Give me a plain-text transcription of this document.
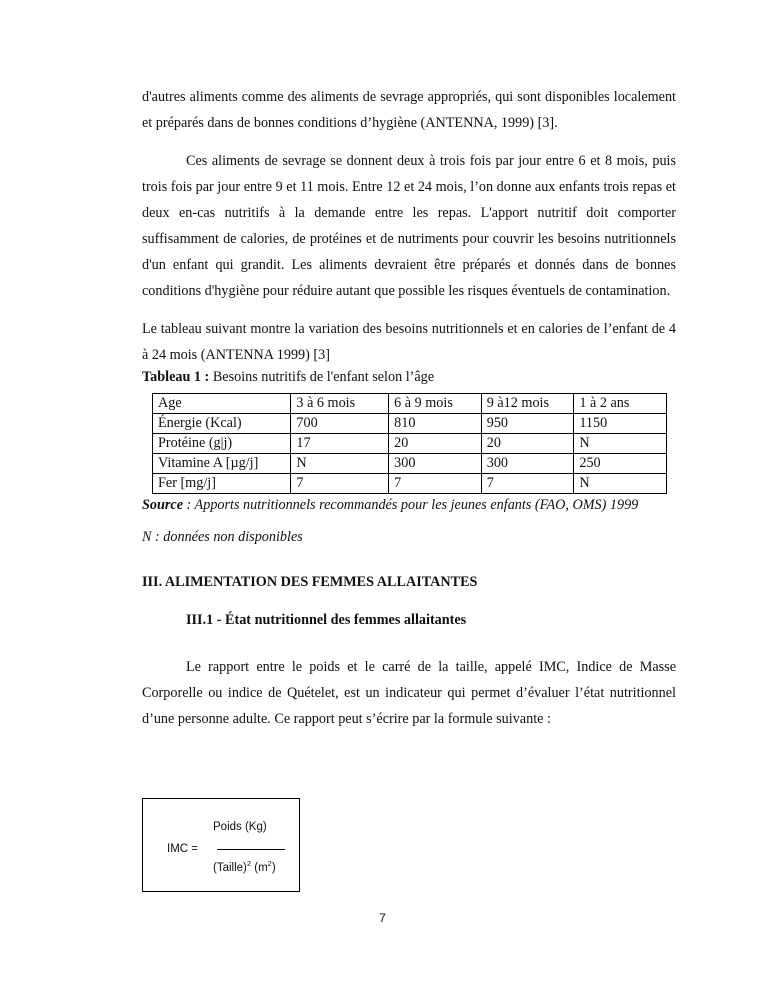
d'autres aliments comme des aliments de sevrage appropriés, qui sont disponibles localement et préparés dans de bonnes conditions d’hygiène (ANTENNA, 1999) [3].

Ces aliments de sevrage se donnent deux à trois fois par jour entre 6 et 8 mois, puis trois fois par jour entre 9 et 11 mois. Entre 12 et 24 mois, l’on donne aux enfants trois repas et deux en-cas nutritifs à la demande entre les repas. L'apport nutritif doit comporter suffisamment de calories, de protéines et de nutriments pour couvrir les besoins nutritionnels d'un enfant qui grandit. Les aliments devraient être préparés et donnés dans de bonnes conditions d'hygiène pour réduire autant que possible les risques éventuels de contamination.

Le tableau suivant montre la variation des besoins nutritionnels et en calories de l’enfant de 4 à 24 mois (ANTENNA 1999) [3]

Tableau 1 : Besoins nutritifs de l'enfant selon l’âge
Age	3 à 6 mois	6 à 9 mois	9 à12 mois	1 à 2 ans
Énergie (Kcal)	700	810	950	1150
Protéine (g|j)	17	20	20	N
Vitamine A [µg/j]	N	300	300	250
Fer [mg/j]	7	7	7	N
Source : Apports nutritionnels recommandés pour les jeunes enfants (FAO, OMS) 1999
N : données non disponibles
III. ALIMENTATION DES FEMMES ALLAITANTES
III.1 - État nutritionnel des femmes allaitantes

Le rapport entre le poids et le carré de la taille, appelé IMC, Indice de Masse Corporelle ou indice de Quételet, est un indicateur qui permet d’évaluer l’état nutritionnel d’une personne adulte. Ce rapport peut s’écrire par la formule suivante :

Poids (Kg)
IMC =
(Taille)$^2$ $(m^2)$
7
